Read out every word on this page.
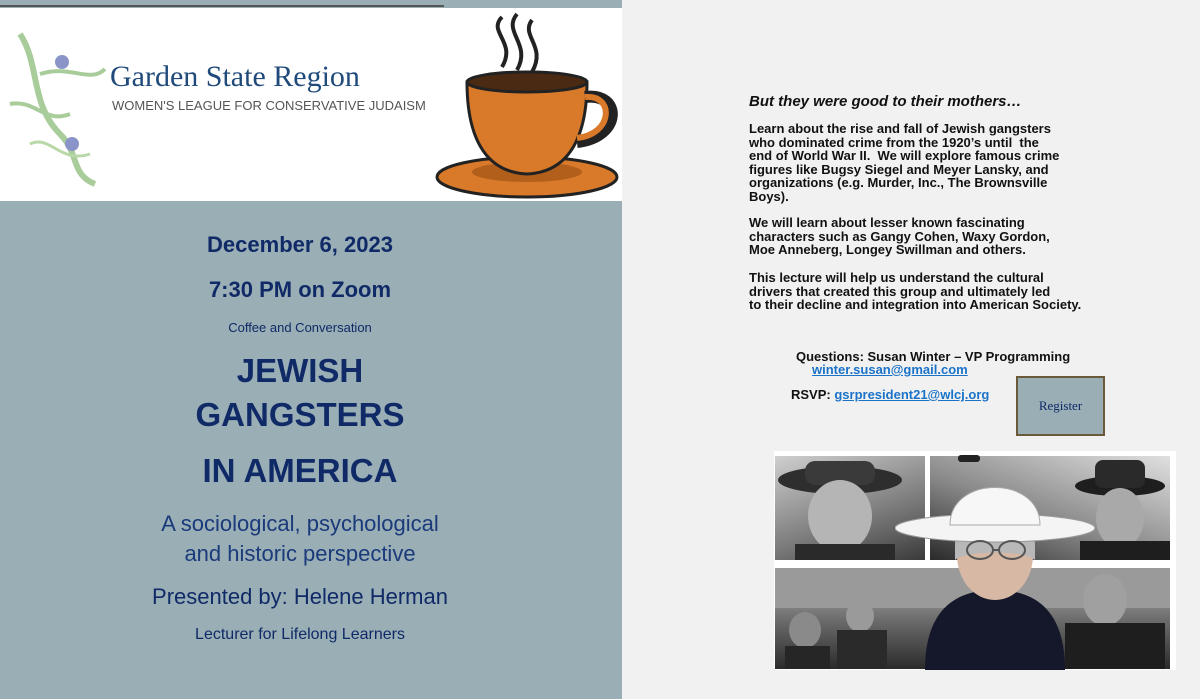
Garden State Region
WOMEN'S LEAGUE FOR CONSERVATIVE JUDAISM
December 6, 2023
7:30 PM on Zoom
Coffee and Conversation
JEWISH
GANGSTERS
IN AMERICA
A sociological, psychological
and historic perspective
Presented by: Helene Herman
Lecturer for Lifelong Learners
But they were good to their mothers…
Learn about the rise and fall of Jewish gangsters
who dominated crime from the 1920’s until  the
end of World War II.  We will explore famous crime
figures like Bugsy Siegel and Meyer Lansky, and
organizations (e.g. Murder, Inc., The Brownsville
Boys).
We will learn about lesser known fascinating
characters such as Gangy Cohen, Waxy Gordon,
Moe Anneberg, Longey Swillman and others.
This lecture will help us understand the cultural
drivers that created this group and ultimately led
to their decline and integration into American Society.
Questions: Susan Winter – VP Programming
winter.susan@gmail.com
RSVP: gsrpresident21@wlcj.org
Register
